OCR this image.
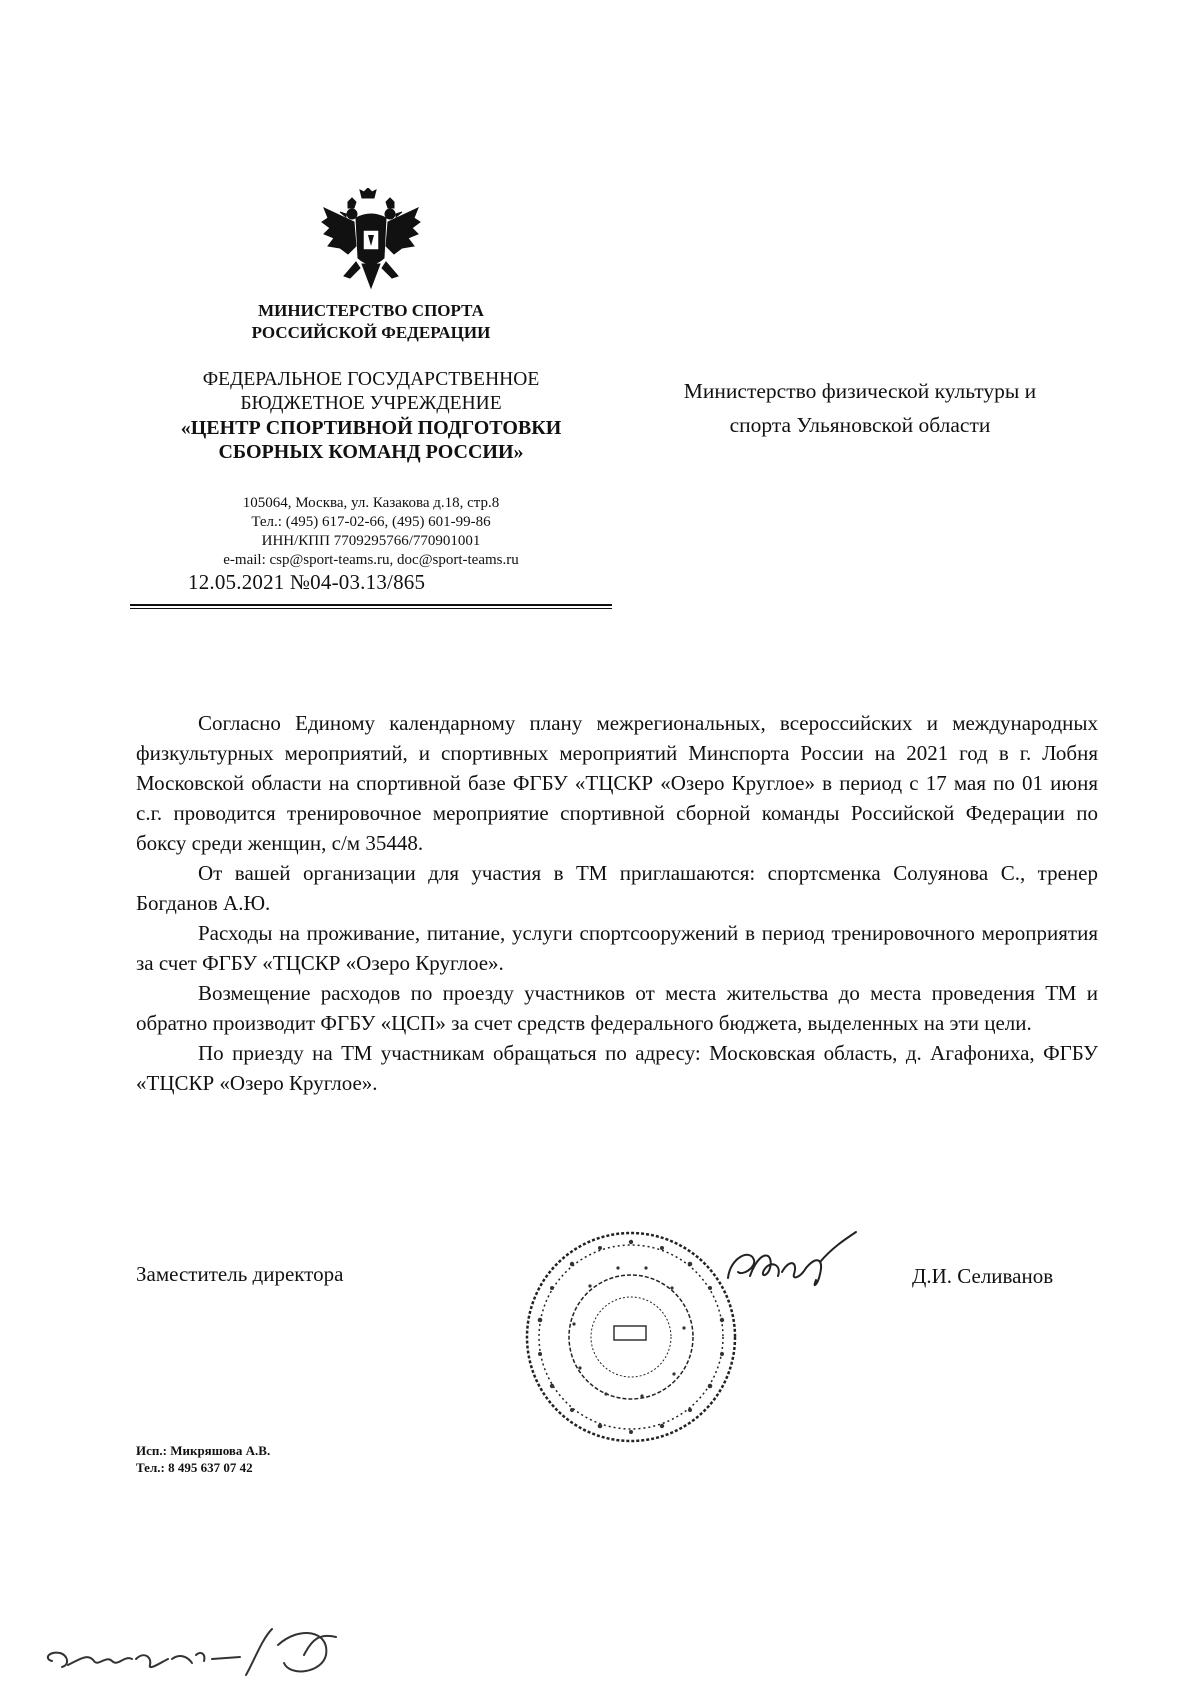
МИНИСТЕРСТВО СПОРТА
РОССИЙСКОЙ ФЕДЕРАЦИИ
ФЕДЕРАЛЬНОЕ ГОСУДАРСТВЕННОЕ
БЮДЖЕТНОЕ УЧРЕЖДЕНИЕ
«ЦЕНТР СПОРТИВНОЙ ПОДГОТОВКИ
СБОРНЫХ КОМАНД РОССИИ»
105064, Москва, ул. Казакова д.18, стр.8
Тел.: (495) 617-02-66, (495) 601-99-86
ИНН/КПП 7709295766/770901001
e-mail: csp@sport-teams.ru, doc@sport-teams.ru
12.05.2021 №04-03.13/865
Министерство физической культуры и
спорта Ульяновской области

Согласно Единому календарному плану межрегиональных, всероссийских и международных физкультурных мероприятий, и спортивных мероприятий Минспорта России на 2021 год в г. Лобня Московской области на спортивной базе ФГБУ «ТЦСКР «Озеро Круглое» в период с 17 мая по 01 июня с.г. проводится тренировочное мероприятие спортивной сборной команды Российской Федерации по боксу среди женщин, с/м 35448.

От вашей организации для участия в ТМ приглашаются: спортсменка Солуянова С., тренер Богданов А.Ю.

Расходы на проживание, питание, услуги спортсооружений в период тренировочного мероприятия за счет ФГБУ «ТЦСКР «Озеро Круглое».

Возмещение расходов по проезду участников от места жительства до места проведения ТМ и обратно производит ФГБУ «ЦСП» за счет средств федерального бюджета, выделенных на эти цели.

По приезду на ТМ участникам обращаться по адресу: Московская область, д. Агафониха, ФГБУ «ТЦСКР «Озеро Круглое».

Заместитель директора	Д.И. Селиванов
Исп.: Микряшова А.В.
Тел.: 8 495 637 07 42
